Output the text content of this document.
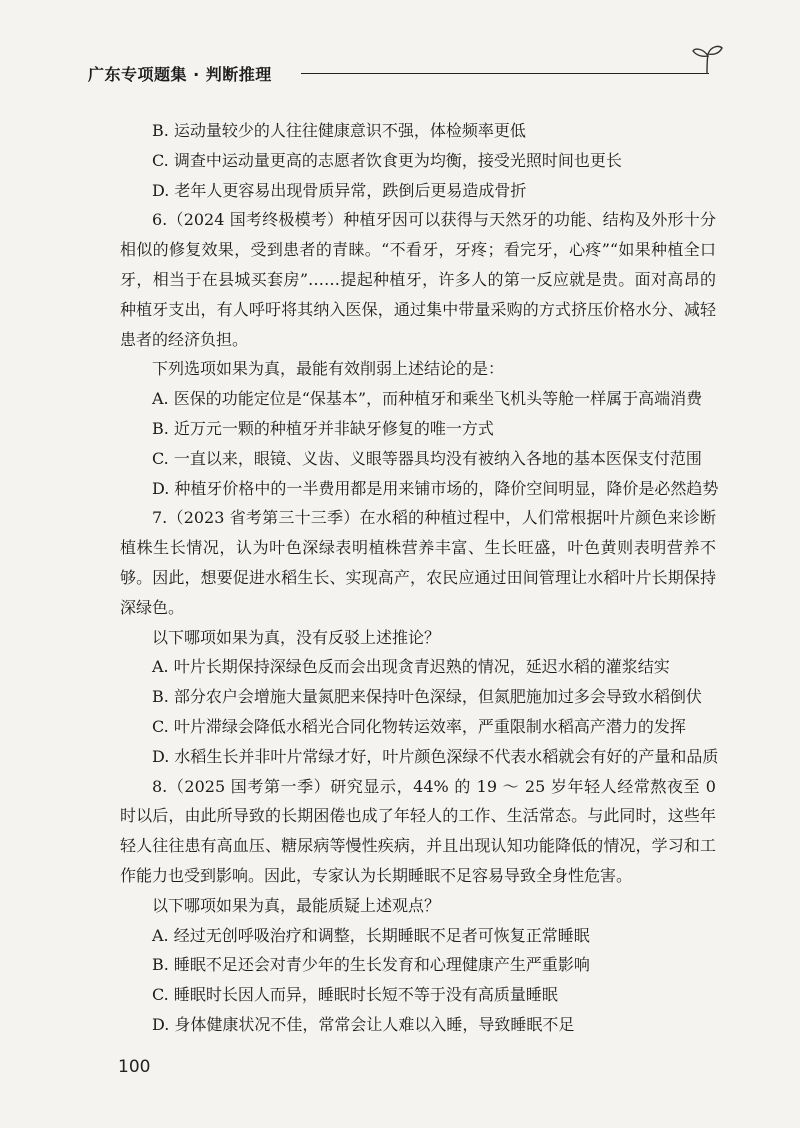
广东专项题集 · 判断推理

B. 运动量较少的人往往健康意识不强，体检频率更低

C. 调查中运动量更高的志愿者饮食更为均衡，接受光照时间也更长

D. 老年人更容易出现骨质异常，跌倒后更易造成骨折

6.（2024 国考终极模考）种植牙因可以获得与天然牙的功能、结构及外形十分相似的修复效果，受到患者的青睐。“不看牙，牙疼；看完牙，心疼”“如果种植全口牙，相当于在县城买套房”……提起种植牙，许多人的第一反应就是贵。面对高昂的种植牙支出，有人呼吁将其纳入医保，通过集中带量采购的方式挤压价格水分、减轻患者的经济负担。

下列选项如果为真，最能有效削弱上述结论的是：

A. 医保的功能定位是“保基本”，而种植牙和乘坐飞机头等舱一样属于高端消费

B. 近万元一颗的种植牙并非缺牙修复的唯一方式

C. 一直以来，眼镜、义齿、义眼等器具均没有被纳入各地的基本医保支付范围

D. 种植牙价格中的一半费用都是用来铺市场的，降价空间明显，降价是必然趋势

7.（2023 省考第三十三季）在水稻的种植过程中，人们常根据叶片颜色来诊断植株生长情况，认为叶色深绿表明植株营养丰富、生长旺盛，叶色黄则表明营养不够。因此，想要促进水稻生长、实现高产，农民应通过田间管理让水稻叶片长期保持深绿色。

以下哪项如果为真，没有反驳上述推论？

A. 叶片长期保持深绿色反而会出现贪青迟熟的情况，延迟水稻的灌浆结实

B. 部分农户会增施大量氮肥来保持叶色深绿，但氮肥施加过多会导致水稻倒伏

C. 叶片滞绿会降低水稻光合同化物转运效率，严重限制水稻高产潜力的发挥

D. 水稻生长并非叶片常绿才好，叶片颜色深绿不代表水稻就会有好的产量和品质

8.（2025 国考第一季）研究显示，44% 的 19 ～ 25 岁年轻人经常熬夜至 0 时以后，由此所导致的长期困倦也成了年轻人的工作、生活常态。与此同时，这些年轻人往往患有高血压、糖尿病等慢性疾病，并且出现认知功能降低的情况，学习和工作能力也受到影响。因此，专家认为长期睡眠不足容易导致全身性危害。

以下哪项如果为真，最能质疑上述观点？

A. 经过无创呼吸治疗和调整，长期睡眠不足者可恢复正常睡眠

B. 睡眠不足还会对青少年的生长发育和心理健康产生严重影响

C. 睡眠时长因人而异，睡眠时长短不等于没有高质量睡眠

D. 身体健康状况不佳，常常会让人难以入睡，导致睡眠不足

100
